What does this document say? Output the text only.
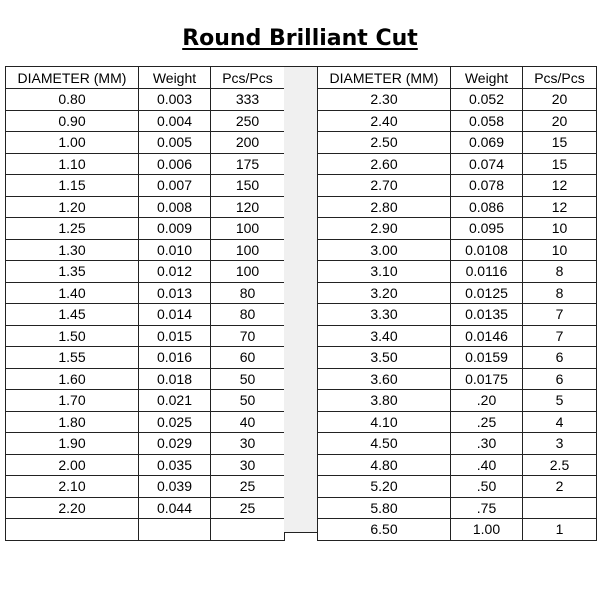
Round Brilliant Cut
DIAMETER (MM)	Weight	Pcs/Pcs
0.80	0.003	333
0.90	0.004	250
1.00	0.005	200
1.10	0.006	175
1.15	0.007	150
1.20	0.008	120
1.25	0.009	100
1.30	0.010	100
1.35	0.012	100
1.40	0.013	80
1.45	0.014	80
1.50	0.015	70
1.55	0.016	60
1.60	0.018	50
1.70	0.021	50
1.80	0.025	40
1.90	0.029	30
2.00	0.035	30
2.10	0.039	25
2.20	0.044	25

DIAMETER (MM)	Weight	Pcs/Pcs
2.30	0.052	20
2.40	0.058	20
2.50	0.069	15
2.60	0.074	15
2.70	0.078	12
2.80	0.086	12
2.90	0.095	10
3.00	0.0108	10
3.10	0.0116	8
3.20	0.0125	8
3.30	0.0135	7
3.40	0.0146	7
3.50	0.0159	6
3.60	0.0175	6
3.80	.20	5
4.10	.25	4
4.50	.30	3
4.80	.40	2.5
5.20	.50	2
5.80	.75	
6.50	1.00	1
